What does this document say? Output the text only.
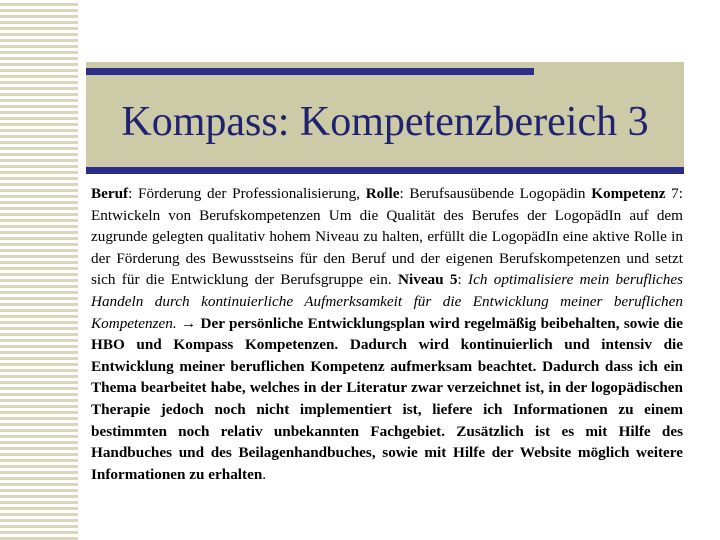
Kompass: Kompetenzbereich 3
Beruf: Förderung der Professionalisierung, Rolle: Berufsausübende Logopädin Kompetenz 7: Entwickeln von Berufskompetenzen Um die Qualität des Berufes der LogopädIn auf dem zugrunde gelegten qualitativ hohem Niveau zu halten, erfüllt die LogopädIn eine aktive Rolle in der Förderung des Bewusstseins für den Beruf und der eigenen Berufskompetenzen und setzt sich für die Entwicklung der Berufsgruppe ein. Niveau 5: Ich optimalisiere mein berufliches Handeln durch kontinuierliche Aufmerksamkeit für die Entwicklung meiner beruflichen Kompetenzen. → Der persönliche Entwicklungsplan wird regelmäßig beibehalten, sowie die HBO und Kompass Kompetenzen. Dadurch wird kontinuierlich und intensiv die Entwicklung meiner beruflichen Kompetenz aufmerksam beachtet. Dadurch dass ich ein Thema bearbeitet habe, welches in der Literatur zwar verzeichnet ist, in der logopädischen Therapie jedoch noch nicht implementiert ist, liefere ich Informationen zu einem bestimmten noch relativ unbekannten Fachgebiet. Zusätzlich ist es mit Hilfe des Handbuches und des Beilagenhandbuches, sowie mit Hilfe der Website möglich weitere Informationen zu erhalten.
